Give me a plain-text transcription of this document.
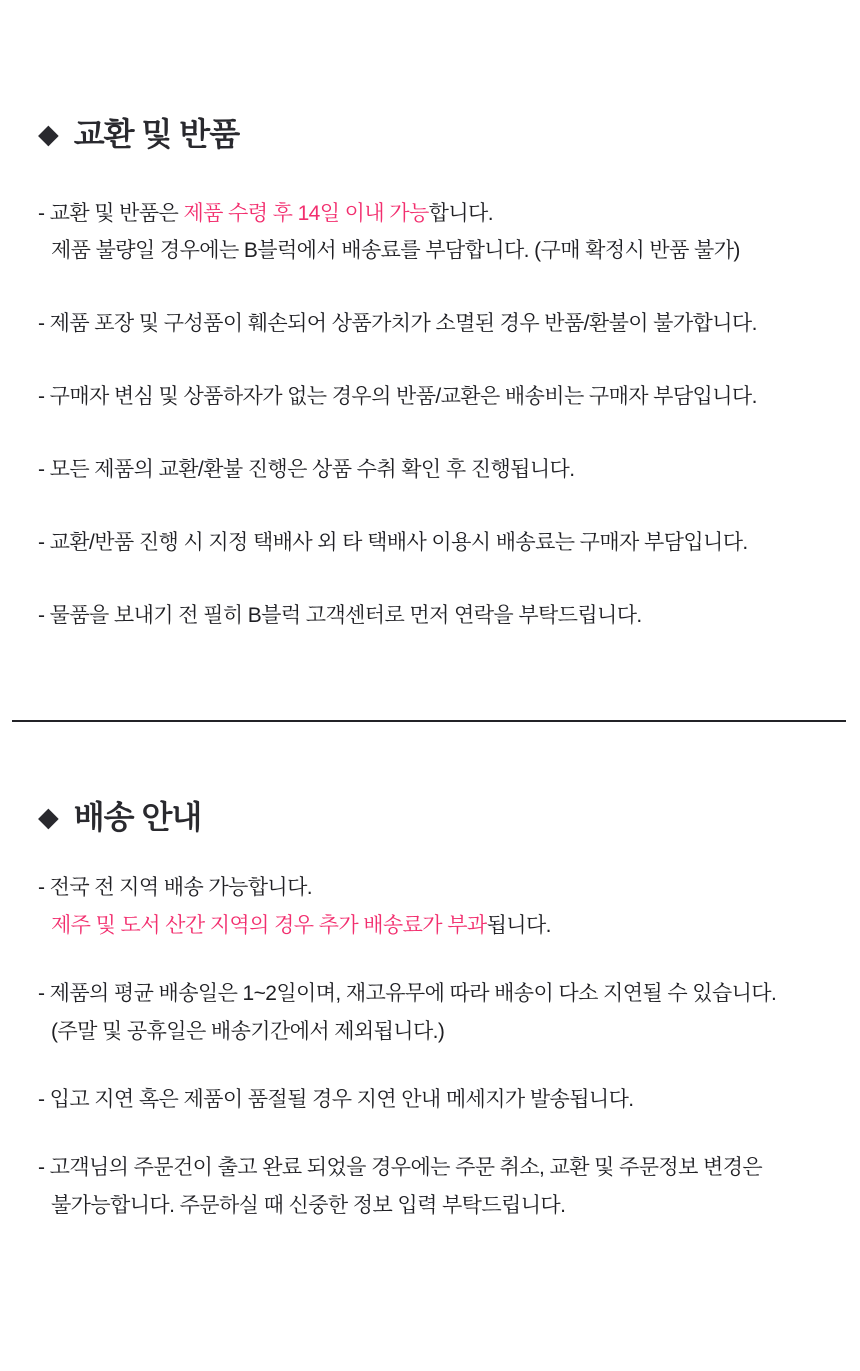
◆ 교환 및 반품

- 교환 및 반품은 제품 수령 후 14일 이내 가능합니다.

제품 불량일 경우에는 B블럭에서 배송료를 부담합니다. (구매 확정시 반품 불가)

- 제품 포장 및 구성품이 훼손되어 상품가치가 소멸된 경우 반품/환불이 불가합니다.

- 구매자 변심 및 상품하자가 없는 경우의 반품/교환은 배송비는 구매자 부담입니다.

- 모든 제품의 교환/환불 진행은 상품 수취 확인 후 진행됩니다.

- 교환/반품 진행 시 지정 택배사 외 타 택배사 이용시 배송료는 구매자 부담입니다.

- 물품을 보내기 전 필히 B블럭 고객센터로 먼저 연락을 부탁드립니다.

◆ 배송 안내

- 전국 전 지역 배송 가능합니다.

제주 및 도서 산간 지역의 경우 추가 배송료가 부과됩니다.

- 제품의 평균 배송일은 1~2일이며, 재고유무에 따라 배송이 다소 지연될 수 있습니다.

(주말 및 공휴일은 배송기간에서 제외됩니다.)

- 입고 지연 혹은 제품이 품절될 경우 지연 안내 메세지가 발송됩니다.

- 고객님의 주문건이 출고 완료 되었을 경우에는 주문 취소, 교환 및 주문정보 변경은

불가능합니다. 주문하실 때 신중한 정보 입력 부탁드립니다.
